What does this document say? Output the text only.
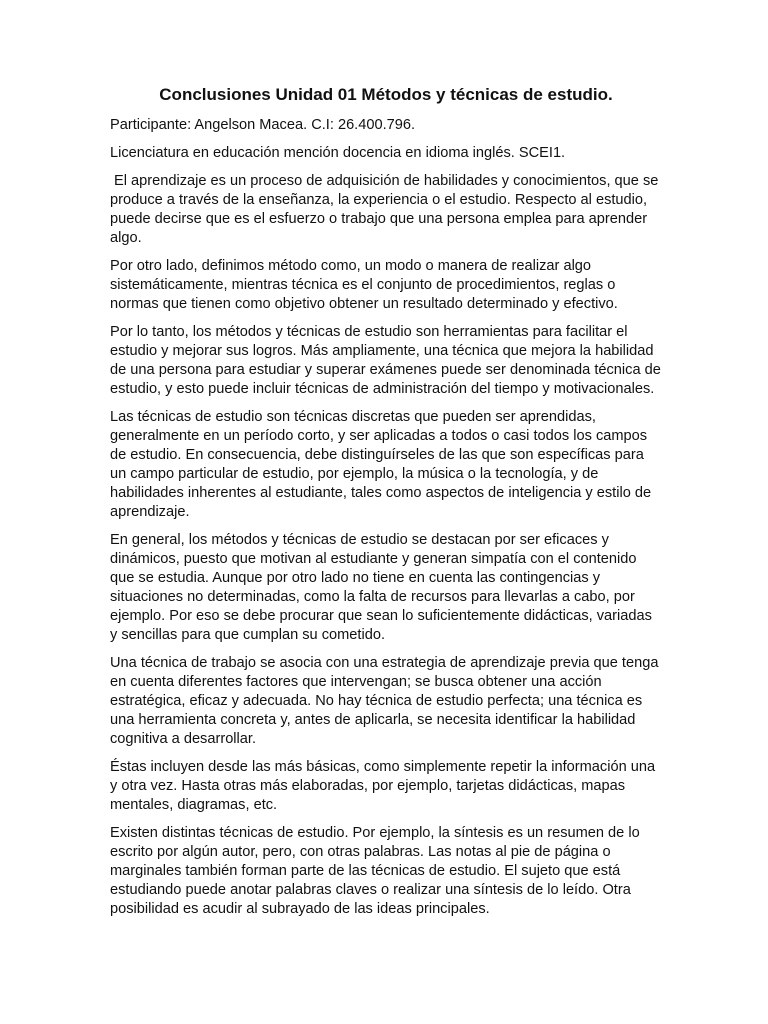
Conclusiones Unidad 01 Métodos y técnicas de estudio.

Participante: Angelson Macea. C.I: 26.400.796.

Licenciatura en educación mención docencia en idioma inglés. SCEI1.

El aprendizaje es un proceso de adquisición de habilidades y conocimientos, que se produce a través de la enseñanza, la experiencia o el estudio. Respecto al estudio, puede decirse que es el esfuerzo o trabajo que una persona emplea para aprender algo.

Por otro lado, definimos método como, un modo o manera de realizar algo sistemáticamente, mientras técnica es el conjunto de procedimientos, reglas o normas que tienen como objetivo obtener un resultado determinado y efectivo.

Por lo tanto, los métodos y técnicas de estudio son herramientas para facilitar el estudio y mejorar sus logros. Más ampliamente, una técnica que mejora la habilidad de una persona para estudiar y superar exámenes puede ser denominada técnica de estudio, y esto puede incluir técnicas de administración del tiempo y motivacionales.

Las técnicas de estudio son técnicas discretas que pueden ser aprendidas, generalmente en un período corto, y ser aplicadas a todos o casi todos los campos de estudio. En consecuencia, debe distinguírseles de las que son específicas para un campo particular de estudio, por ejemplo, la música o la tecnología, y de habilidades inherentes al estudiante, tales como aspectos de inteligencia y estilo de aprendizaje.

En general, los métodos y técnicas de estudio se destacan por ser eficaces y dinámicos, puesto que motivan al estudiante y generan simpatía con el contenido que se estudia. Aunque por otro lado no tiene en cuenta las contingencias y situaciones no determinadas, como la falta de recursos para llevarlas a cabo, por ejemplo. Por eso se debe procurar que sean lo suficientemente didácticas, variadas y sencillas para que cumplan su cometido.

Una técnica de trabajo se asocia con una estrategia de aprendizaje previa que tenga en cuenta diferentes factores que intervengan; se busca obtener una acción estratégica, eficaz y adecuada. No hay técnica de estudio perfecta; una técnica es una herramienta concreta y, antes de aplicarla, se necesita identificar la habilidad cognitiva a desarrollar.

Éstas incluyen desde las más básicas, como simplemente repetir la información una y otra vez. Hasta otras más elaboradas, por ejemplo, tarjetas didácticas, mapas mentales, diagramas, etc.

Existen distintas técnicas de estudio. Por ejemplo, la síntesis es un resumen de lo escrito por algún autor, pero, con otras palabras. Las notas al pie de página o marginales también forman parte de las técnicas de estudio. El sujeto que está estudiando puede anotar palabras claves o realizar una síntesis de lo leído. Otra posibilidad es acudir al subrayado de las ideas principales.
